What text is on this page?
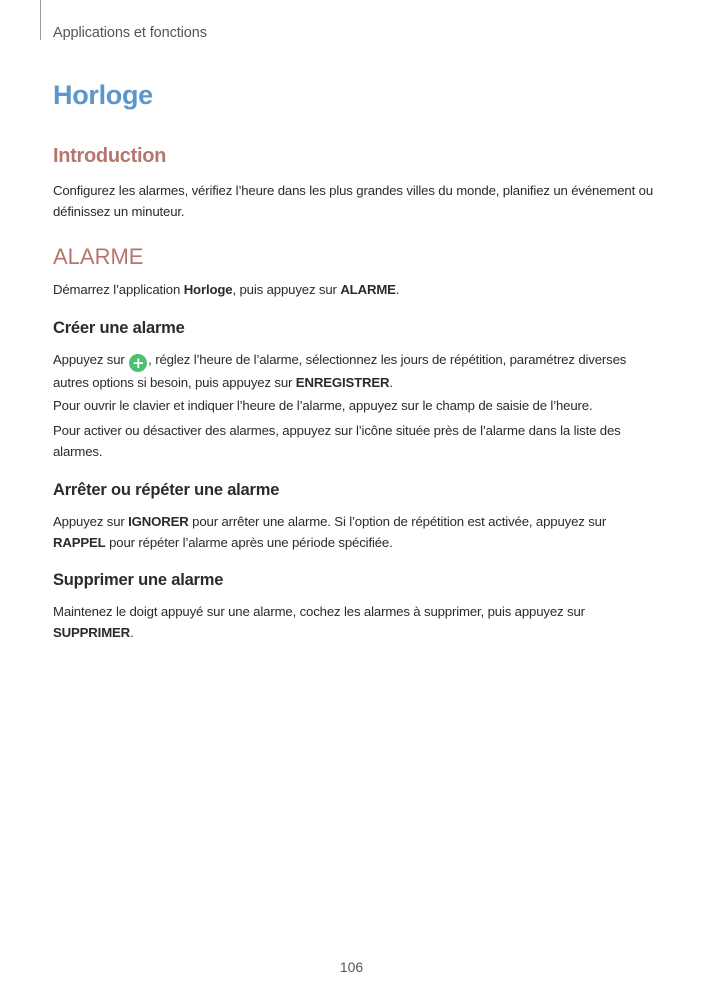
Applications et fonctions
Horloge
Introduction

Configurez les alarmes, vérifiez l’heure dans les plus grandes villes du monde, planifiez un événement ou définissez un minuteur.

ALARME

Démarrez l’application Horloge, puis appuyez sur ALARME.

Créer une alarme

Appuyez sur + , réglez l’heure de l’alarme, sélectionnez les jours de répétition, paramétrez diverses autres options si besoin, puis appuyez sur ENREGISTRER.

Pour ouvrir le clavier et indiquer l’heure de l’alarme, appuyez sur le champ de saisie de l’heure.

Pour activer ou désactiver des alarmes, appuyez sur l’icône située près de l’alarme dans la liste des alarmes.

Arrêter ou répéter une alarme

Appuyez sur IGNORER pour arrêter une alarme. Si l’option de répétition est activée, appuyez sur RAPPEL pour répéter l’alarme après une période spécifiée.

Supprimer une alarme

Maintenez le doigt appuyé sur une alarme, cochez les alarmes à supprimer, puis appuyez sur SUPPRIMER.

106
